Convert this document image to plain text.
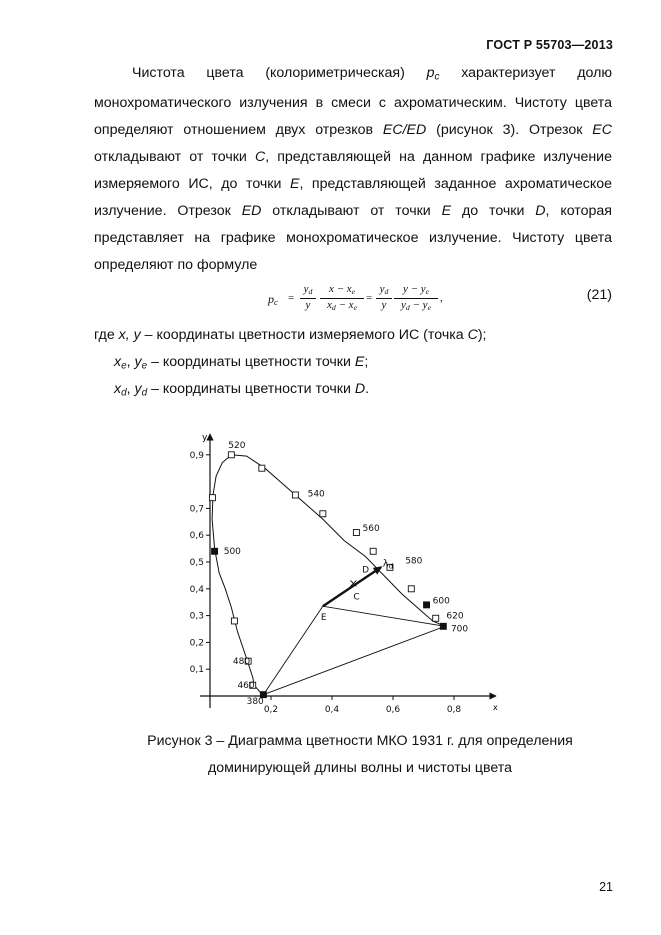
ГОСТ Р 55703—2013
Чистота цвета (колориметрическая) $p_c$ характеризует долю монохроматического излучения в смеси с ахроматическим. Чистоту цвета определяют отношением двух отрезков EC/ED (рисунок 3). Отрезок EC откладывают от точки C, представляющей на данном графике излучение измеряемого ИС, до точки E, представляющей заданное ахроматическое излучение. Отрезок ED откладывают от точки E до точки D, которая представляет на графике монохроматическое излучение. Чистоту цвета определяют по формуле
$p_c = \frac{y_d}{y} \frac{x - x_e}{x_d - x_e} = \frac{y_d}{y} \frac{y - y_e}{y_d - y_e}$ ,	(21)
где x, y – координаты цветности измеряемого ИС (точка C);
$x_e$, $y_e$ – координаты цветности точки E;
$x_d$, $y_d$ – координаты цветности точки D.
x
y
0,2	0,4	0,6	0,8
0,1
0,2
0,3
0,4
0,5
0,6
0,7
0,9
380
460
480
500
520
540
560
580
600
620
700
E
C
D
$\lambda_d$
Рисунок 3 – Диаграмма цветности МКО 1931 г. для определения
доминирующей длины волны и чистоты цвета
21
